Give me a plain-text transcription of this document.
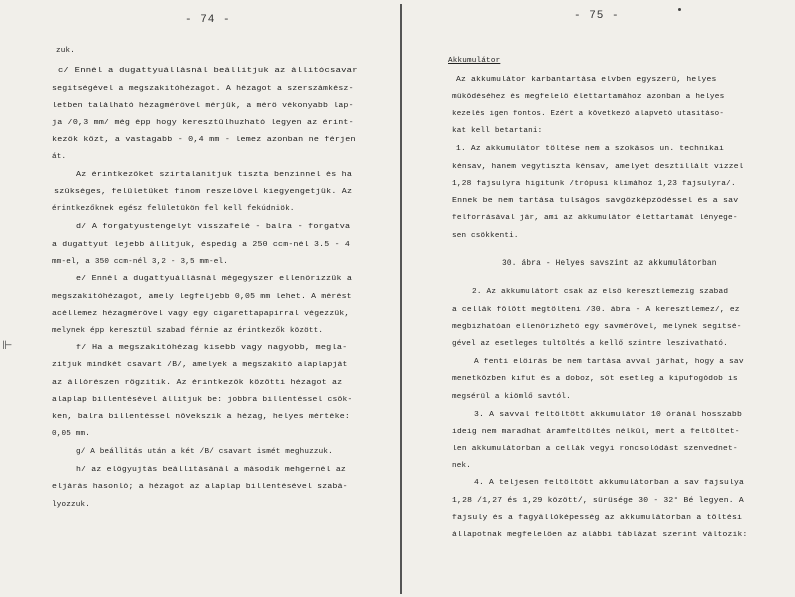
- 74 -
zuk.
c/ Ennél a dugattyuállásnál beállitjuk az állitócsavar
segitségével a megszakitóhézagot. A hézagot a szerszámkész-
letben található hézagmérővel mérjük, a mérő vékonyabb lap-
ja /0,3 mm/ még épp hogy keresztülhuzható legyen az érint-
kezők közt, a vastagabb - 0,4 mm - lemez azonban ne férjen
át.
Az érintkezőket szirtalanitjuk tiszta benzinnel és ha
szükséges, felületüket finom reszelővel kiegyengetjük. Az
érintkezőknek egész felületükön fel kell fekúdniök.
d/ A forgatyustengelyt visszafelé - balra - forgatva
a dugattyut lejebb állitjuk, éspedig a 250 ccm-nél 3.5 - 4
mm-el, a 350 ccm-nél 3,2 - 3,5 mm-el.
e/ Ennél a dugattyuállásnál mégegyszer ellenőrizzük a
megszakitóhézagot, amely legfeljebb 0,05 mm lehet. A mérést
acéllemez hézagmérővel vagy egy cigarettapapirral végezzük,
melynek épp keresztül szabad férnie az érintkezők között.
f/ Ha a megszakitóhézag kisebb vagy nagyobb, megla-
zitjuk mindkét csavart /B/, amelyek a megszakitó alaplapját
az állórészen rögzitik. Az érintkezők közötti hézagot az
alaplap billentésével állitjuk be: jobbra billentéssel csök-
ken, balra billentéssel növekszik a hézag, helyes mértéke:
0,05 mm.
g/ A beállitás után a két /B/ csavart ismét meghuzzuk.
h/ az előgyujtás beállitásánál a második mehgernél az
eljárás hasonló; a hézagot az alaplap billentésével szabá-
lyozzuk.
⊩
- 75 -
Akkumulátor
Az akkumulátor karbantartása elvben egyszerű, helyes
működéséhez és megfelelő élettartamához azonban a helyes
kezelés igen fontos. Ezért a következő alapvető utasitáso-
kat kell betartani:
1. Az akkumulátor töltése nem a szokásos un. technikai
kénsav, hanem vegytiszta kénsav, amelyet desztillált vizzel
1,28 fajsulyra higitunk /trópusi klimához 1,23 fajsulyra/.
Ennek be nem tartása tulságos savgőzképződéssel és a sav
felforrásával jár, ami az akkumulátor élettartamát lényege-
sen csökkenti.
30. ábra - Helyes savszint az akkumulátorban
2. Az akkumulátort csak az első keresztlemezig szabad
a cellák fölött megtölteni /30. ábra - A keresztlemez/, ez
megbizhatóan ellenőrizhető egy savmérővel, melynek segitsé-
gével az esetleges tultöltés a kellő szintre leszivatható.
A fenti előirás be nem tartása avval járhat, hogy a sav
menetközben kifut és a doboz, sőt esetleg a kipufogódob is
megsérül a kiömlő savtól.
3. A savval feltöltött akkumulátor 10 óránál hosszabb
ideig nem maradhat áramfeltöltés nélkül, mert a feltöltet-
len akkumulátorban a cellák vegyi roncsolódást szenvednet-
nek.
4. A teljesen feltöltött akkumulátorban a sav fajsulya
1,28 /1,27 és 1,29 között/, sürüsége 30 - 32° Bé legyen. A
fajsuly és a fagyállóképesség az akkumulátorban a töltési
állapotnak megfelelően az alábbi táblázat szerint változik:
